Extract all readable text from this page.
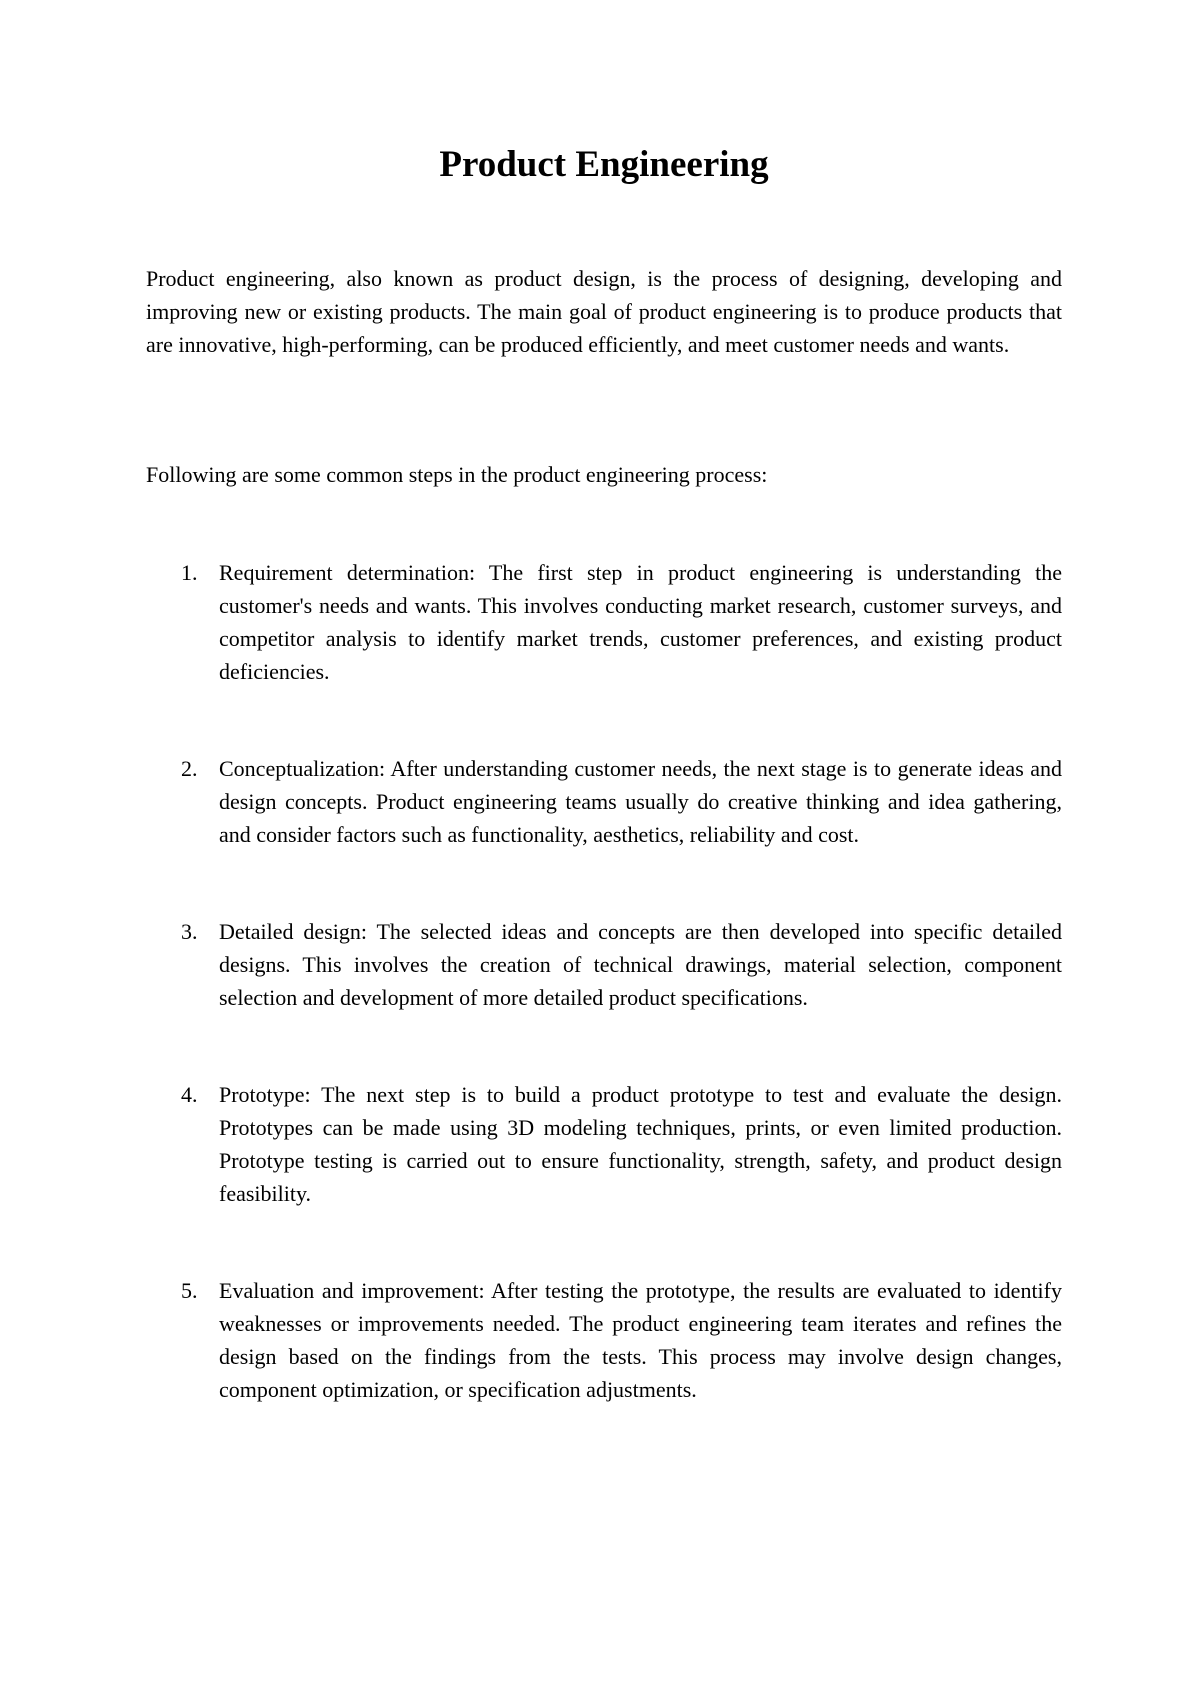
Product Engineering

Product engineering, also known as product design, is the process of designing, developing and improving new or existing products. The main goal of product engineering is to produce products that are innovative, high-performing, can be produced efficiently, and meet customer needs and wants.

Following are some common steps in the product engineering process:

1. Requirement determination: The first step in product engineering is understanding the customer's needs and wants. This involves conducting market research, customer surveys, and competitor analysis to identify market trends, customer preferences, and existing product deficiencies.
2. Conceptualization: After understanding customer needs, the next stage is to generate ideas and design concepts. Product engineering teams usually do creative thinking and idea gathering, and consider factors such as functionality, aesthetics, reliability and cost.
3. Detailed design: The selected ideas and concepts are then developed into specific detailed designs. This involves the creation of technical drawings, material selection, component selection and development of more detailed product specifications.
4. Prototype: The next step is to build a product prototype to test and evaluate the design. Prototypes can be made using 3D modeling techniques, prints, or even limited production. Prototype testing is carried out to ensure functionality, strength, safety, and product design feasibility.
5. Evaluation and improvement: After testing the prototype, the results are evaluated to identify weaknesses or improvements needed. The product engineering team iterates and refines the design based on the findings from the tests. This process may involve design changes, component optimization, or specification adjustments.
